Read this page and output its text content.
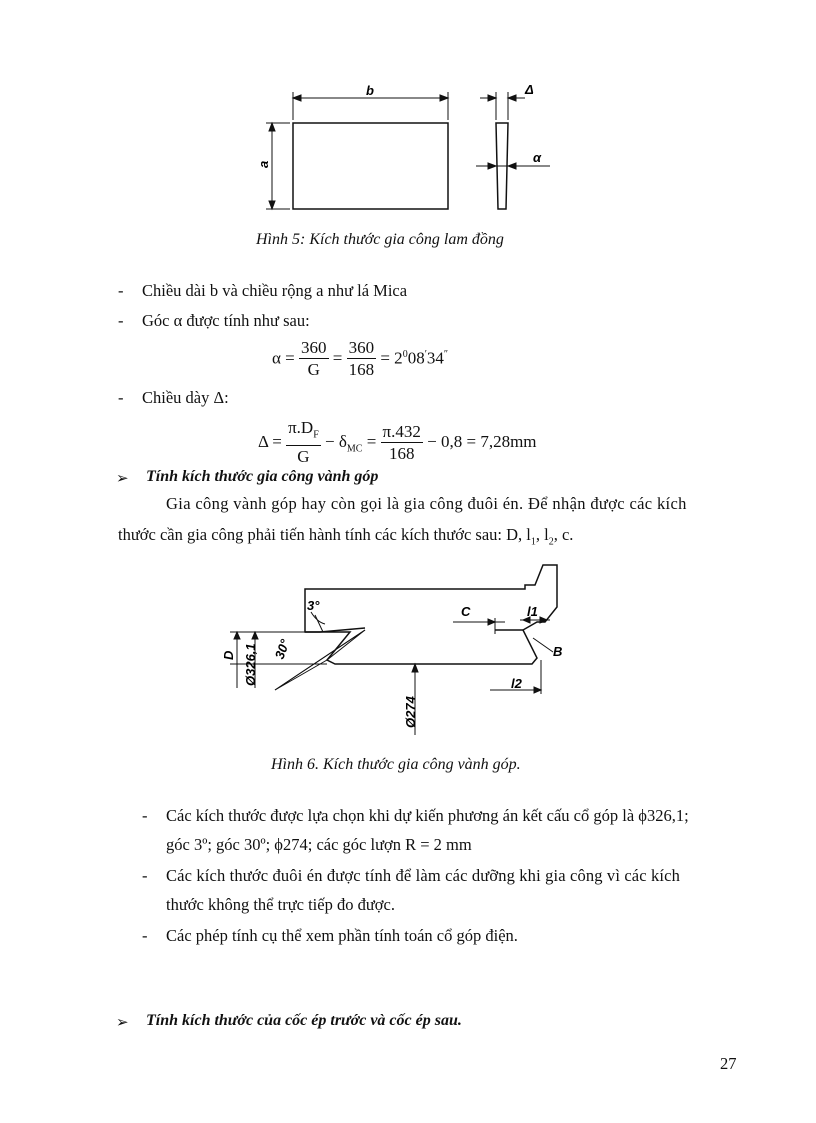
b
a
Δ
α
Hình 5: Kích thước gia công lam đồng
- Chiều dài b và chiều rộng a như lá Mica
- Góc α được tính như sau:
$\alpha = \frac{360}{G} = \frac{360}{168} = 2^008'34''$
- Chiều dày Δ:
$\Delta = \frac{\pi.D_F}{G} - \delta_{MC} = \frac{\pi.432}{168} - 0,8 = 7,28mm$
➢ Tính kích thước gia công vành góp
Gia công vành góp hay còn gọi là gia công đuôi én. Để nhận được các kích
thước cần gia công phải tiến hành tính các kích thước sau: D, $l_1$, $l_2$, c.
3°
30°
D Ø326,1
Ø274
C	l1
l2
B
Hình 6. Kích thước gia công vành góp.
- Các kích thước được lựa chọn khi dự kiến phương án kết cấu cổ góp là ϕ326,1;
góc 3º; góc 30º; ϕ274; các góc lượn R = 2 mm
- Các kích thước đuôi én được tính để làm các dưỡng khi gia công vì các kích
thước không thể trực tiếp đo được.
- Các phép tính cụ thể xem phần tính toán cổ góp điện.
➢ Tính kích thước của cốc ép trước và cốc ép sau.
27
